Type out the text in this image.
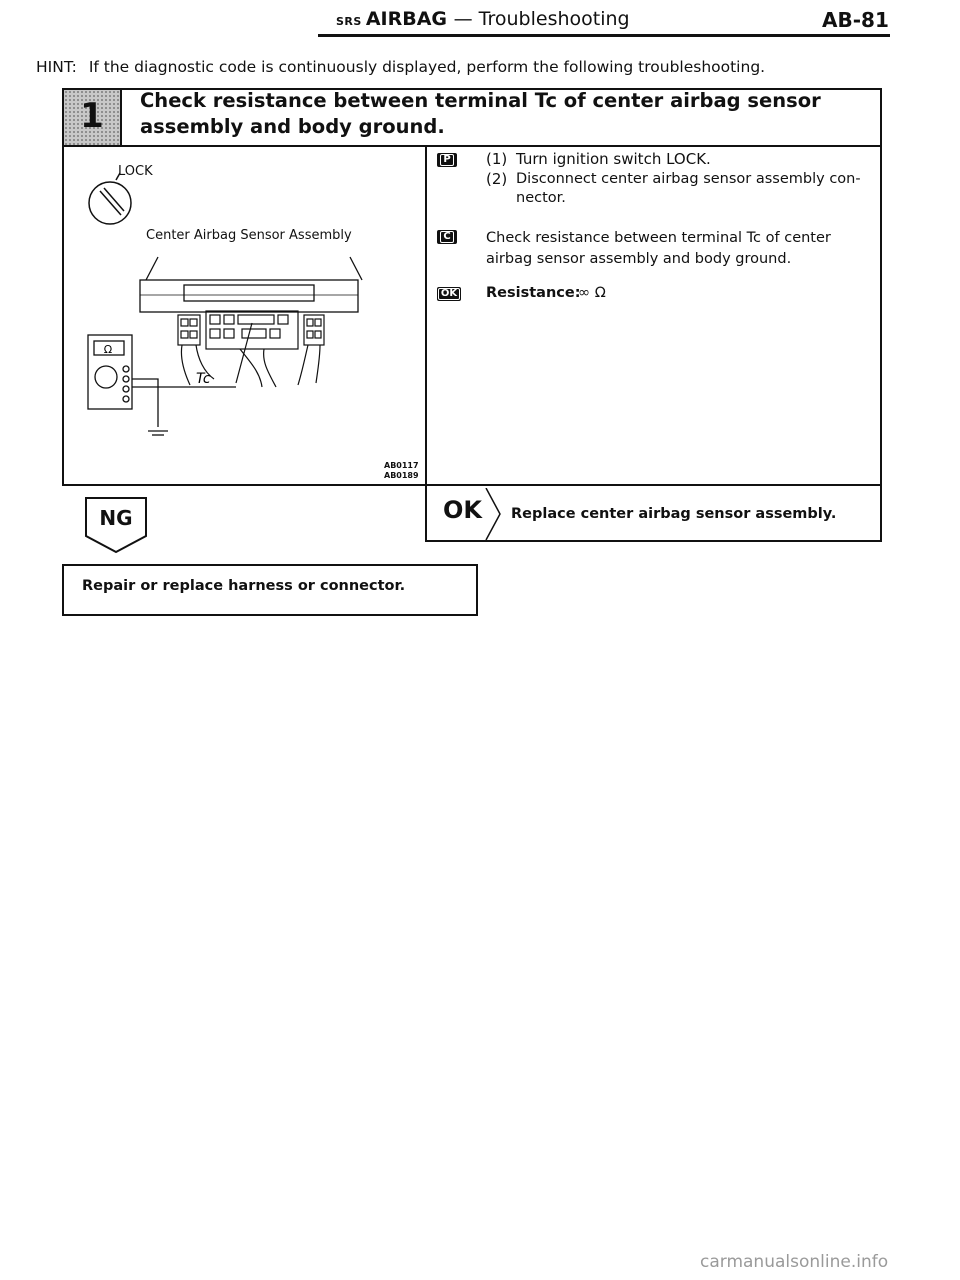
SRS AIRBAG — Troubleshooting	AB-81
HINT: If the diagnostic code is continuously displayed, perform the following troubleshooting.
1	Check resistance between terminal Tc of center airbag sensor assembly and body ground.
Ω
Tc
LOCK
Center Airbag Sensor Assembly
AB0117
AB0189
P	(1) Turn ignition switch LOCK.
(2) Disconnect center airbag sensor assembly con-nector.
C	Check resistance between terminal Tc of center airbag sensor assembly and body ground.
OK Resistance:
∞ Ω
OK Replace center airbag sensor assembly.
NG
Repair or replace harness or connector.
carmanualsonline.info
